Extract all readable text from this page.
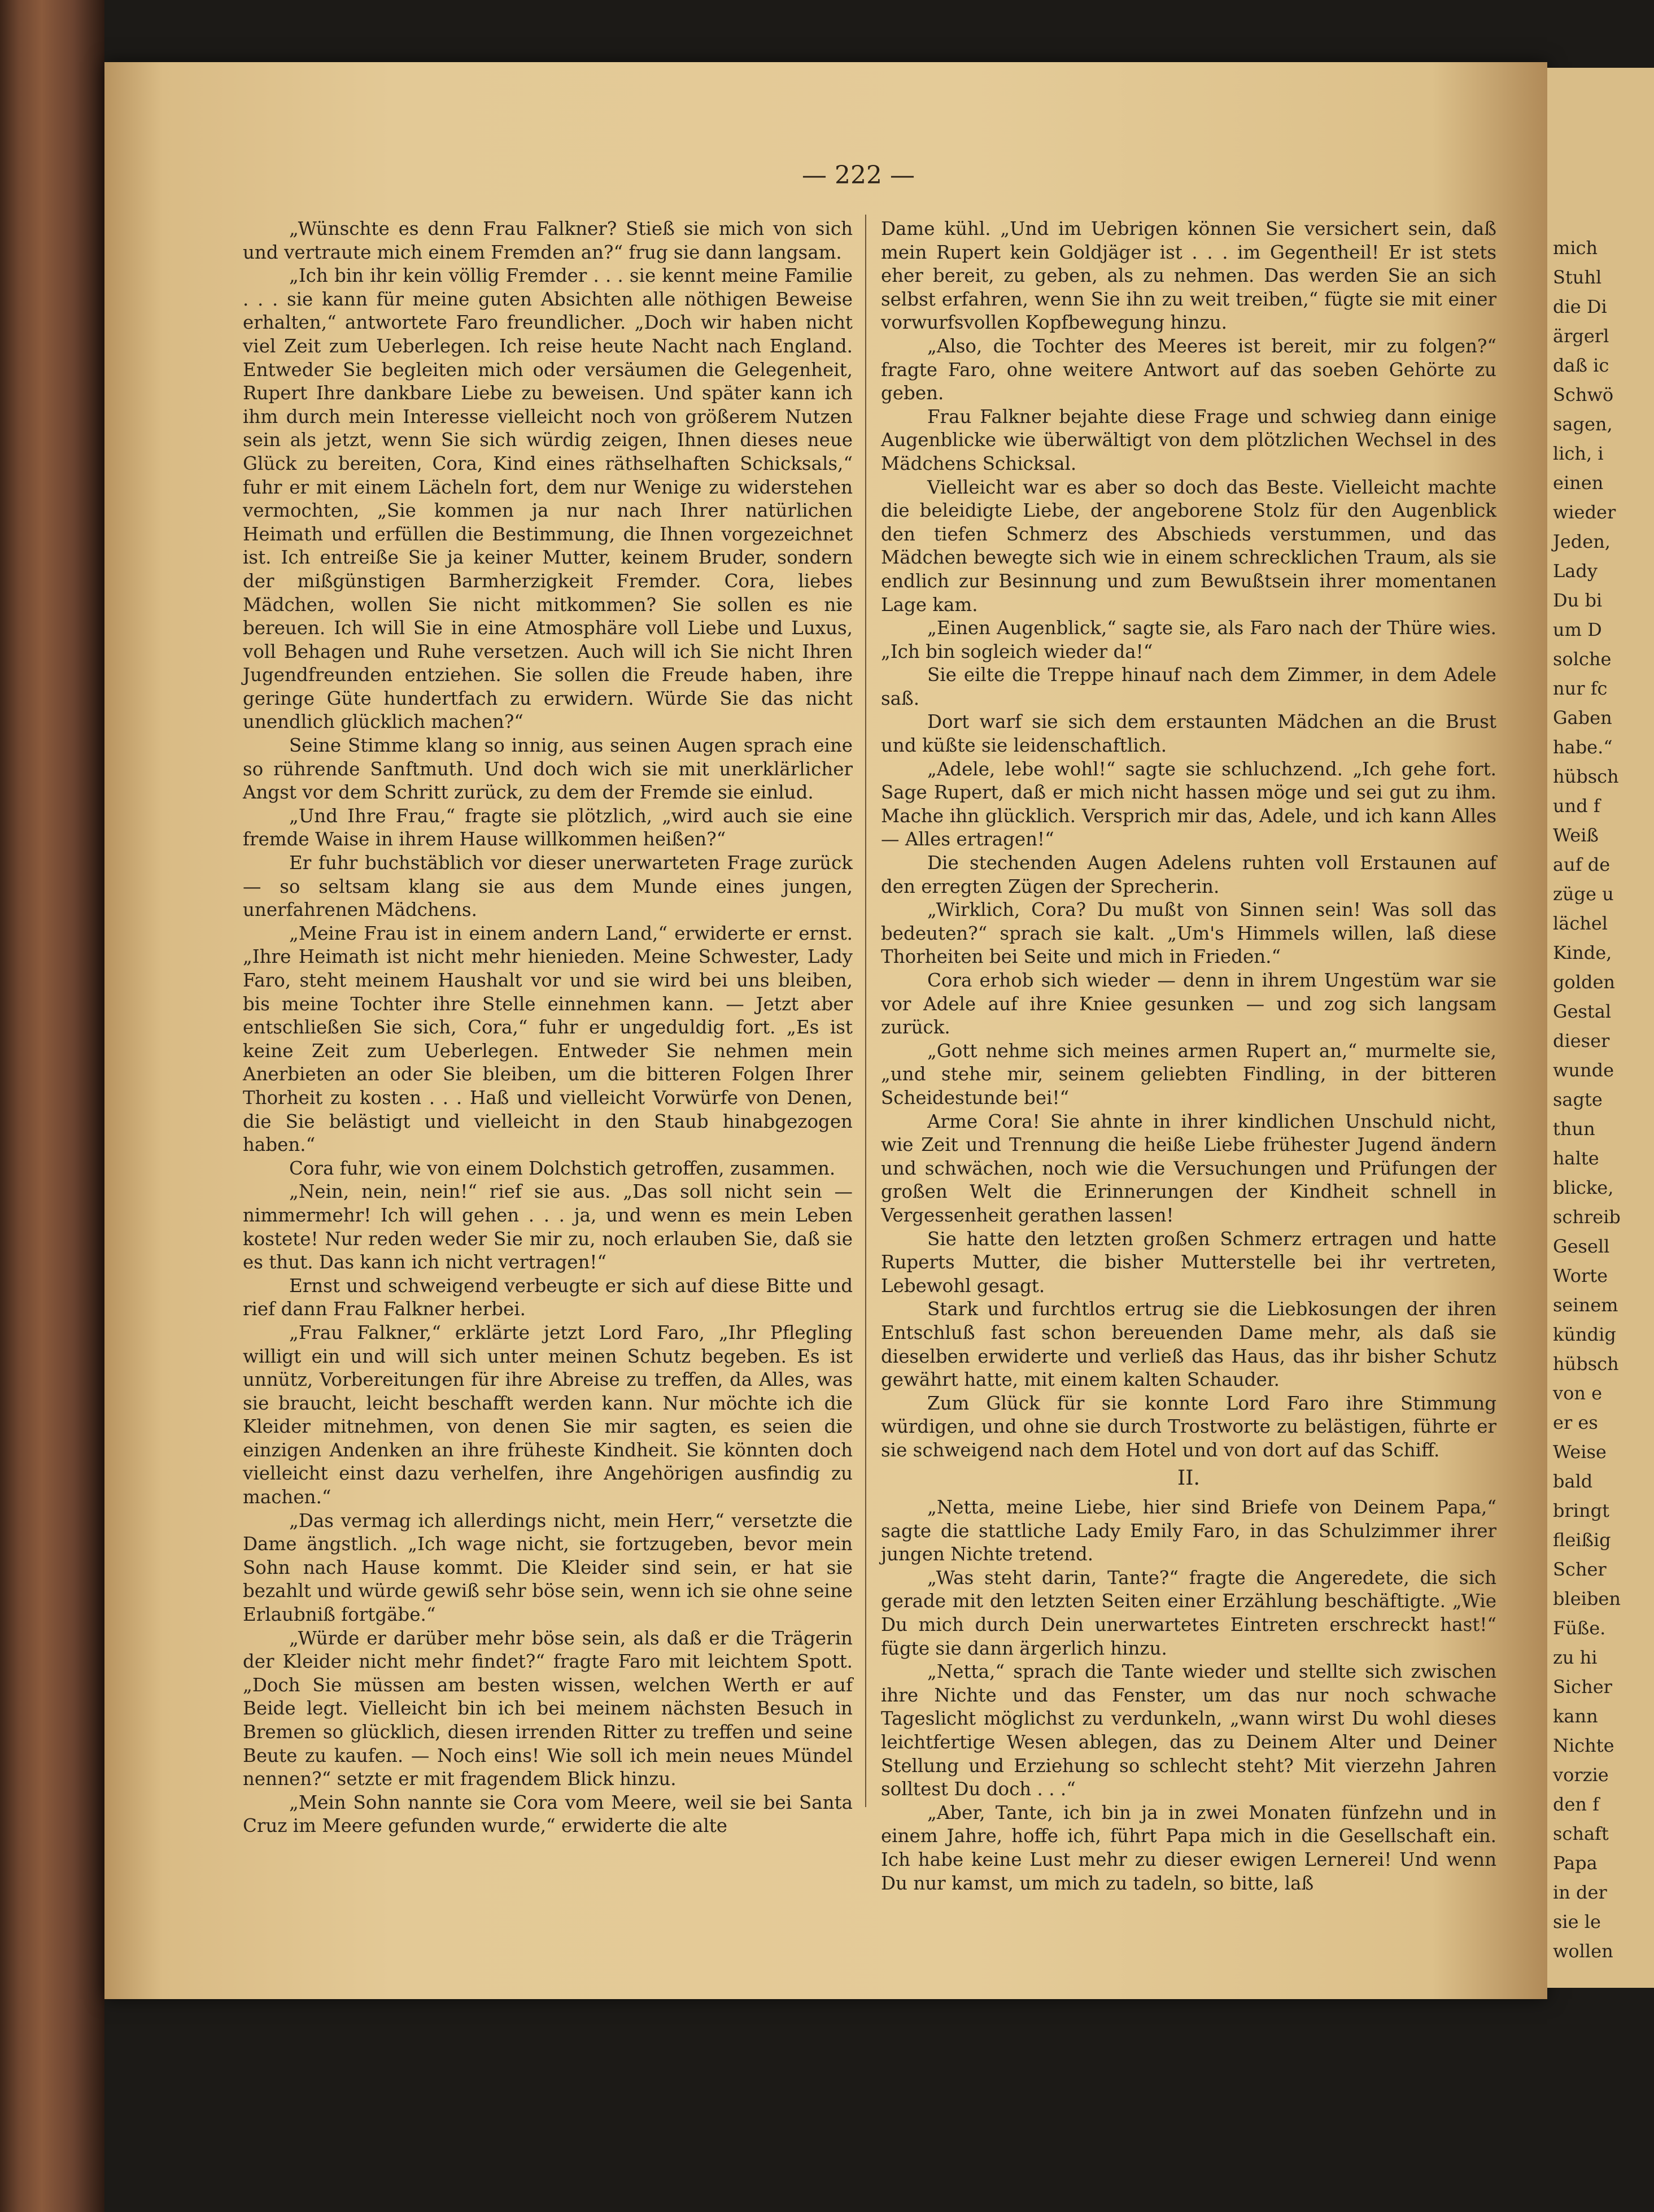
mich
Stuhl
die Di
ärgerl
daß ic
Schwö
sagen,
lich, i
einen
wieder
Jeden,
Lady
Du bi
um D
solche
nur fc
Gaben
habe.“
hübsch
und f
Weiß
auf de
züge u
lächel
Kinde,
golden
Gestal
dieser
wunde
sagte
thun
halte
blicke,
schreib
Gesell
Worte
seinem
kündig
hübsch
von e
er es
Weise
bald
bringt
fleißig
Scher
bleiben
Füße.
zu hi
Sicher
kann
Nichte
vorzie
den f
schaft
Papa
in der
sie le
wollen
— 222 —

„Wünschte es denn Frau Falkner? Stieß sie mich von sich und vertraute mich einem Fremden an?“ frug sie dann langsam.

„Ich bin ihr kein völlig Fremder . . . sie kennt meine Familie . . . sie kann für meine guten Absichten alle nöthigen Beweise erhalten,“ antwortete Faro freundlicher. „Doch wir haben nicht viel Zeit zum Ueberlegen. Ich reise heute Nacht nach England. Entweder Sie begleiten mich oder versäumen die Gelegenheit, Rupert Ihre dankbare Liebe zu beweisen. Und später kann ich ihm durch mein Interesse vielleicht noch von größerem Nutzen sein als jetzt, wenn Sie sich würdig zeigen, Ihnen dieses neue Glück zu bereiten, Cora, Kind eines räthselhaften Schicksals,“ fuhr er mit einem Lächeln fort, dem nur Wenige zu widerstehen vermochten, „Sie kommen ja nur nach Ihrer natürlichen Heimath und erfüllen die Bestimmung, die Ihnen vorgezeichnet ist. Ich entreiße Sie ja keiner Mutter, keinem Bruder, sondern der mißgünstigen Barmherzigkeit Fremder. Cora, liebes Mädchen, wollen Sie nicht mitkommen? Sie sollen es nie bereuen. Ich will Sie in eine Atmosphäre voll Liebe und Luxus, voll Behagen und Ruhe versetzen. Auch will ich Sie nicht Ihren Jugendfreunden entziehen. Sie sollen die Freude haben, ihre geringe Güte hundertfach zu erwidern. Würde Sie das nicht unendlich glücklich machen?“

Seine Stimme klang so innig, aus seinen Augen sprach eine so rührende Sanftmuth. Und doch wich sie mit unerklärlicher Angst vor dem Schritt zurück, zu dem der Fremde sie einlud.

„Und Ihre Frau,“ fragte sie plötzlich, „wird auch sie eine fremde Waise in ihrem Hause willkommen heißen?“

Er fuhr buchstäblich vor dieser unerwarteten Frage zurück — so seltsam klang sie aus dem Munde eines jungen, unerfahrenen Mädchens.

„Meine Frau ist in einem andern Land,“ erwiderte er ernst. „Ihre Heimath ist nicht mehr hienieden. Meine Schwester, Lady Faro, steht meinem Haushalt vor und sie wird bei uns bleiben, bis meine Tochter ihre Stelle einnehmen kann. — Jetzt aber entschließen Sie sich, Cora,“ fuhr er ungeduldig fort. „Es ist keine Zeit zum Ueberlegen. Entweder Sie nehmen mein Anerbieten an oder Sie bleiben, um die bitteren Folgen Ihrer Thorheit zu kosten . . . Haß und vielleicht Vorwürfe von Denen, die Sie belästigt und vielleicht in den Staub hinabgezogen haben.“

Cora fuhr, wie von einem Dolchstich getroffen, zusammen.

„Nein, nein, nein!“ rief sie aus. „Das soll nicht sein — nimmermehr! Ich will gehen . . . ja, und wenn es mein Leben kostete! Nur reden weder Sie mir zu, noch erlauben Sie, daß sie es thut. Das kann ich nicht vertragen!“

Ernst und schweigend verbeugte er sich auf diese Bitte und rief dann Frau Falkner herbei.

„Frau Falkner,“ erklärte jetzt Lord Faro, „Ihr Pflegling willigt ein und will sich unter meinen Schutz begeben. Es ist unnütz, Vorbereitungen für ihre Abreise zu treffen, da Alles, was sie braucht, leicht beschafft werden kann. Nur möchte ich die Kleider mitnehmen, von denen Sie mir sagten, es seien die einzigen Andenken an ihre früheste Kindheit. Sie könnten doch vielleicht einst dazu verhelfen, ihre Angehörigen ausfindig zu machen.“

„Das vermag ich allerdings nicht, mein Herr,“ versetzte die Dame ängstlich. „Ich wage nicht, sie fortzugeben, bevor mein Sohn nach Hause kommt. Die Kleider sind sein, er hat sie bezahlt und würde gewiß sehr böse sein, wenn ich sie ohne seine Erlaubniß fortgäbe.“

„Würde er darüber mehr böse sein, als daß er die Trägerin der Kleider nicht mehr findet?“ fragte Faro mit leichtem Spott. „Doch Sie müssen am besten wissen, welchen Werth er auf Beide legt. Vielleicht bin ich bei meinem nächsten Besuch in Bremen so glücklich, diesen irrenden Ritter zu treffen und seine Beute zu kaufen. — Noch eins! Wie soll ich mein neues Mündel nennen?“ setzte er mit fragendem Blick hinzu.

„Mein Sohn nannte sie Cora vom Meere, weil sie bei Santa Cruz im Meere gefunden wurde,“ erwiderte die alte

Dame kühl. „Und im Uebrigen können Sie versichert sein, daß mein Rupert kein Goldjäger ist . . . im Gegentheil! Er ist stets eher bereit, zu geben, als zu nehmen. Das werden Sie an sich selbst erfahren, wenn Sie ihn zu weit treiben,“ fügte sie mit einer vorwurfsvollen Kopfbewegung hinzu.

„Also, die Tochter des Meeres ist bereit, mir zu folgen?“ fragte Faro, ohne weitere Antwort auf das soeben Gehörte zu geben.

Frau Falkner bejahte diese Frage und schwieg dann einige Augenblicke wie überwältigt von dem plötzlichen Wechsel in des Mädchens Schicksal.

Vielleicht war es aber so doch das Beste. Vielleicht machte die beleidigte Liebe, der angeborene Stolz für den Augenblick den tiefen Schmerz des Abschieds verstummen, und das Mädchen bewegte sich wie in einem schrecklichen Traum, als sie endlich zur Besinnung und zum Bewußtsein ihrer momentanen Lage kam.

„Einen Augenblick,“ sagte sie, als Faro nach der Thüre wies. „Ich bin sogleich wieder da!“

Sie eilte die Treppe hinauf nach dem Zimmer, in dem Adele saß.

Dort warf sie sich dem erstaunten Mädchen an die Brust und küßte sie leidenschaftlich.

„Adele, lebe wohl!“ sagte sie schluchzend. „Ich gehe fort. Sage Rupert, daß er mich nicht hassen möge und sei gut zu ihm. Mache ihn glücklich. Versprich mir das, Adele, und ich kann Alles — Alles ertragen!“

Die stechenden Augen Adelens ruhten voll Erstaunen auf den erregten Zügen der Sprecherin.

„Wirklich, Cora? Du mußt von Sinnen sein! Was soll das bedeuten?“ sprach sie kalt. „Um's Himmels willen, laß diese Thorheiten bei Seite und mich in Frieden.“

Cora erhob sich wieder — denn in ihrem Ungestüm war sie vor Adele auf ihre Kniee gesunken — und zog sich langsam zurück.

„Gott nehme sich meines armen Rupert an,“ murmelte sie, „und stehe mir, seinem geliebten Findling, in der bitteren Scheidestunde bei!“

Arme Cora! Sie ahnte in ihrer kindlichen Unschuld nicht, wie Zeit und Trennung die heiße Liebe frühester Jugend ändern und schwächen, noch wie die Versuchungen und Prüfungen der großen Welt die Erinnerungen der Kindheit schnell in Vergessenheit gerathen lassen!

Sie hatte den letzten großen Schmerz ertragen und hatte Ruperts Mutter, die bisher Mutterstelle bei ihr vertreten, Lebewohl gesagt.

Stark und furchtlos ertrug sie die Liebkosungen der ihren Entschluß fast schon bereuenden Dame mehr, als daß sie dieselben erwiderte und verließ das Haus, das ihr bisher Schutz gewährt hatte, mit einem kalten Schauder.

Zum Glück für sie konnte Lord Faro ihre Stimmung würdigen, und ohne sie durch Trostworte zu belästigen, führte er sie schweigend nach dem Hotel und von dort auf das Schiff.

II.

„Netta, meine Liebe, hier sind Briefe von Deinem Papa,“ sagte die stattliche Lady Emily Faro, in das Schulzimmer ihrer jungen Nichte tretend.

„Was steht darin, Tante?“ fragte die Angeredete, die sich gerade mit den letzten Seiten einer Erzählung beschäftigte. „Wie Du mich durch Dein unerwartetes Eintreten erschreckt hast!“ fügte sie dann ärgerlich hinzu.

„Netta,“ sprach die Tante wieder und stellte sich zwischen ihre Nichte und das Fenster, um das nur noch schwache Tageslicht möglichst zu verdunkeln, „wann wirst Du wohl dieses leichtfertige Wesen ablegen, das zu Deinem Alter und Deiner Stellung und Erziehung so schlecht steht? Mit vierzehn Jahren solltest Du doch . . .“

„Aber, Tante, ich bin ja in zwei Monaten fünfzehn und in einem Jahre, hoffe ich, führt Papa mich in die Gesellschaft ein. Ich habe keine Lust mehr zu dieser ewigen Lernerei! Und wenn Du nur kamst, um mich zu tadeln, so bitte, laß
